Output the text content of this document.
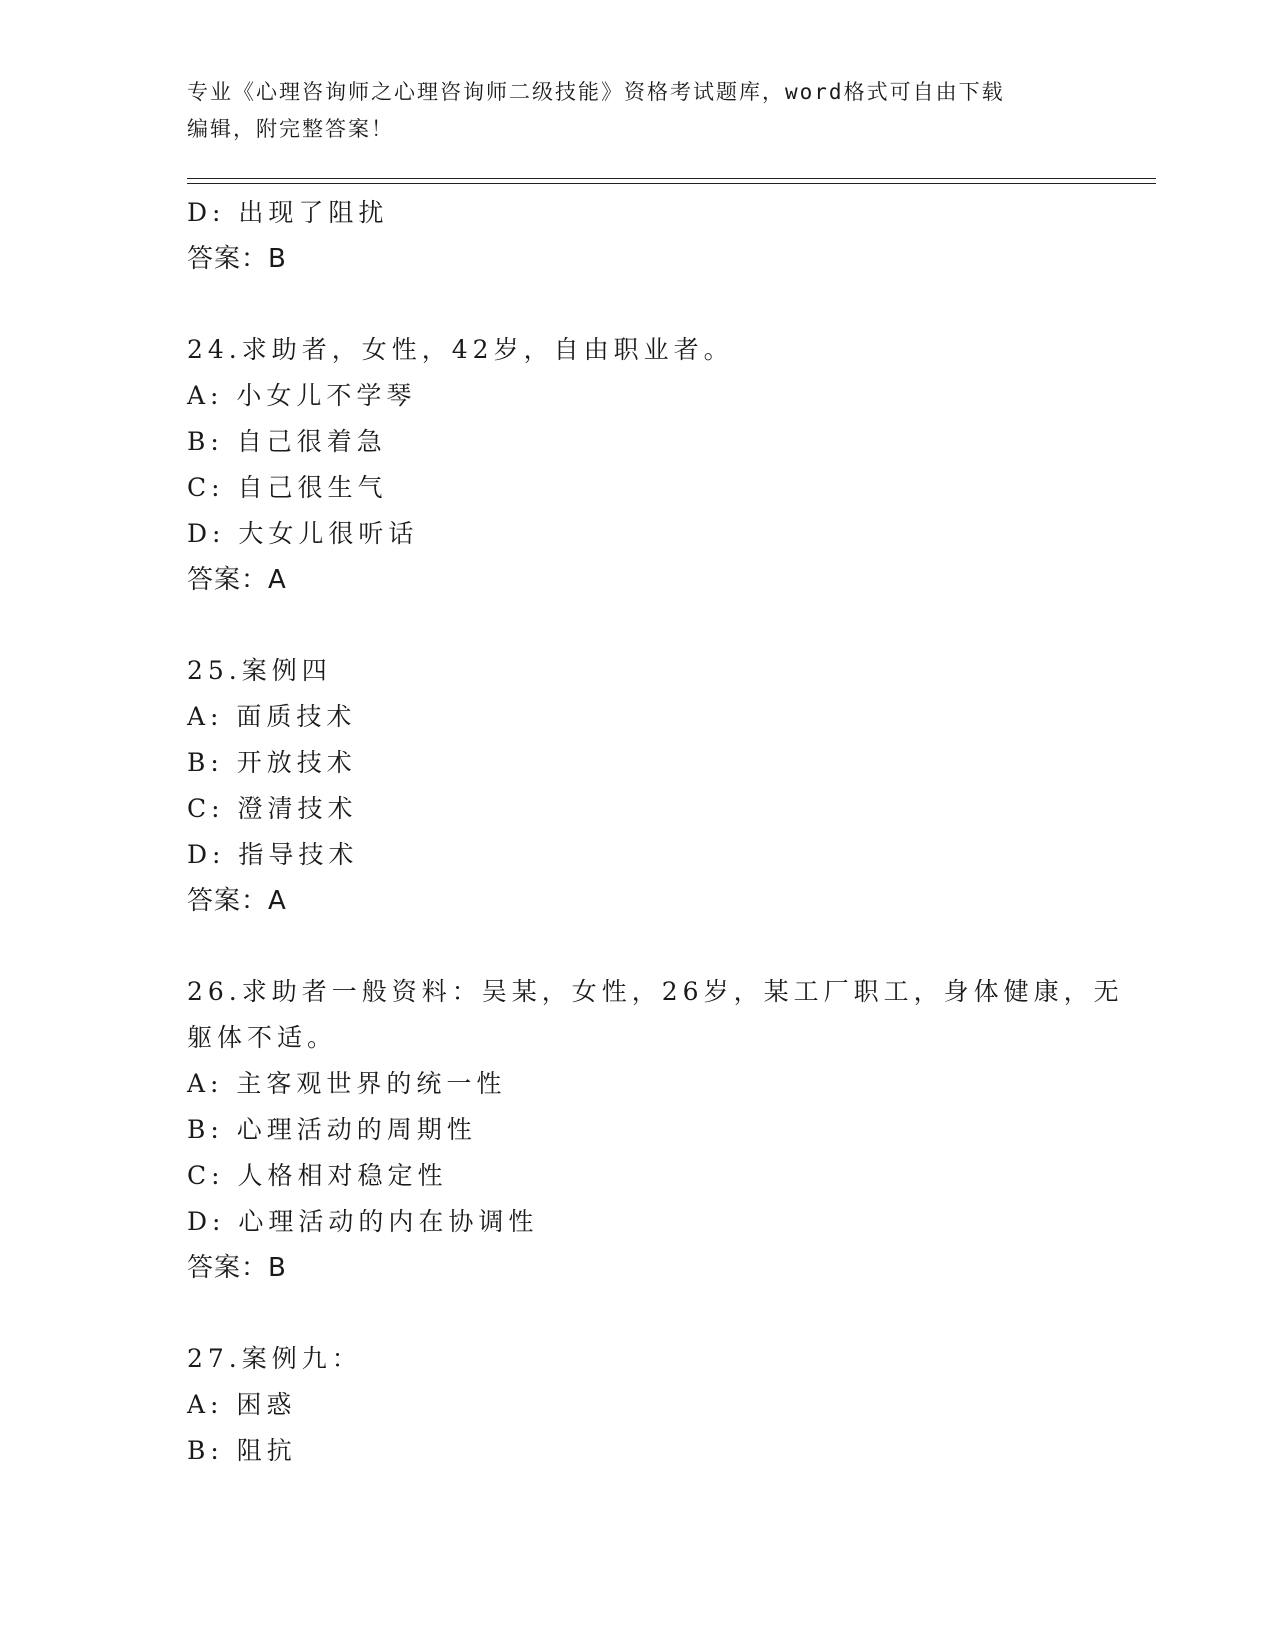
专业《心理咨询师之心理咨询师二级技能》资格考试题库，word格式可自由下载
编辑，附完整答案！
D: 出现了阻扰
答案：B
24.求助者，女性，42岁，自由职业者。
A: 小女儿不学琴
B: 自己很着急
C: 自己很生气
D: 大女儿很听话
答案：A
25.案例四
A: 面质技术
B: 开放技术
C: 澄清技术
D: 指导技术
答案：A
26.求助者一般资料：吴某，女性，26岁，某工厂职工，身体健康，无
躯体不适。
A: 主客观世界的统一性
B: 心理活动的周期性
C: 人格相对稳定性
D: 心理活动的内在协调性
答案：B
27.案例九：
A: 困惑
B: 阻抗
